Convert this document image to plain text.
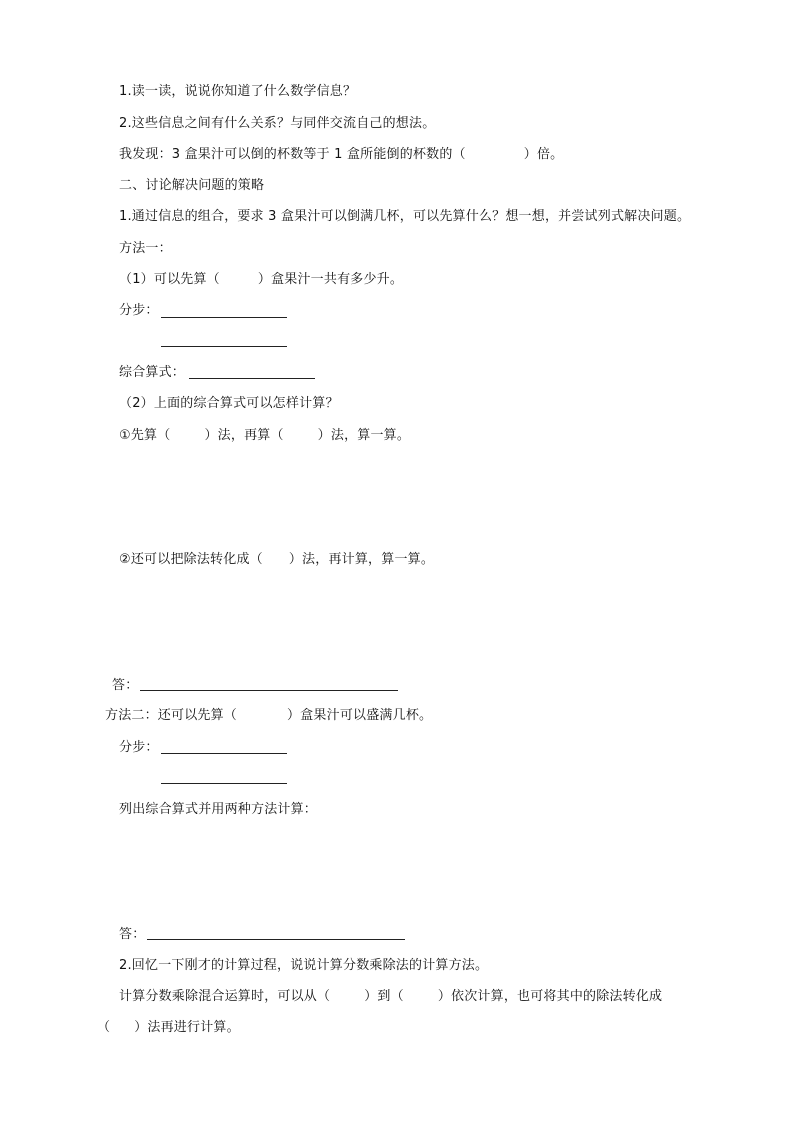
1.读一读，说说你知道了什么数学信息？
2.这些信息之间有什么关系？与同伴交流自己的想法。
我发现：3 盒果汁可以倒的杯数等于 1 盒所能倒的杯数的（	）倍。
二、讨论解决问题的策略
1.通过信息的组合，要求 3 盒果汁可以倒满几杯，可以先算什么？想一想，并尝试列式解决问题。
方法一：
（1）可以先算（	）盒果汁一共有多少升。
分步：
综合算式：
（2）上面的综合算式可以怎样计算？
①先算（	）法，再算（	）法，算一算。
②还可以把除法转化成（ ）法，再计算，算一算。
答：
方法二：还可以先算（	）盒果汁可以盛满几杯。
分步：
列出综合算式并用两种方法计算：
答：
2.回忆一下刚才的计算过程，说说计算分数乘除法的计算方法。
计算分数乘除混合运算时，可以从（	）到（	）依次计算，也可将其中的除法转化成
（ ）法再进行计算。
